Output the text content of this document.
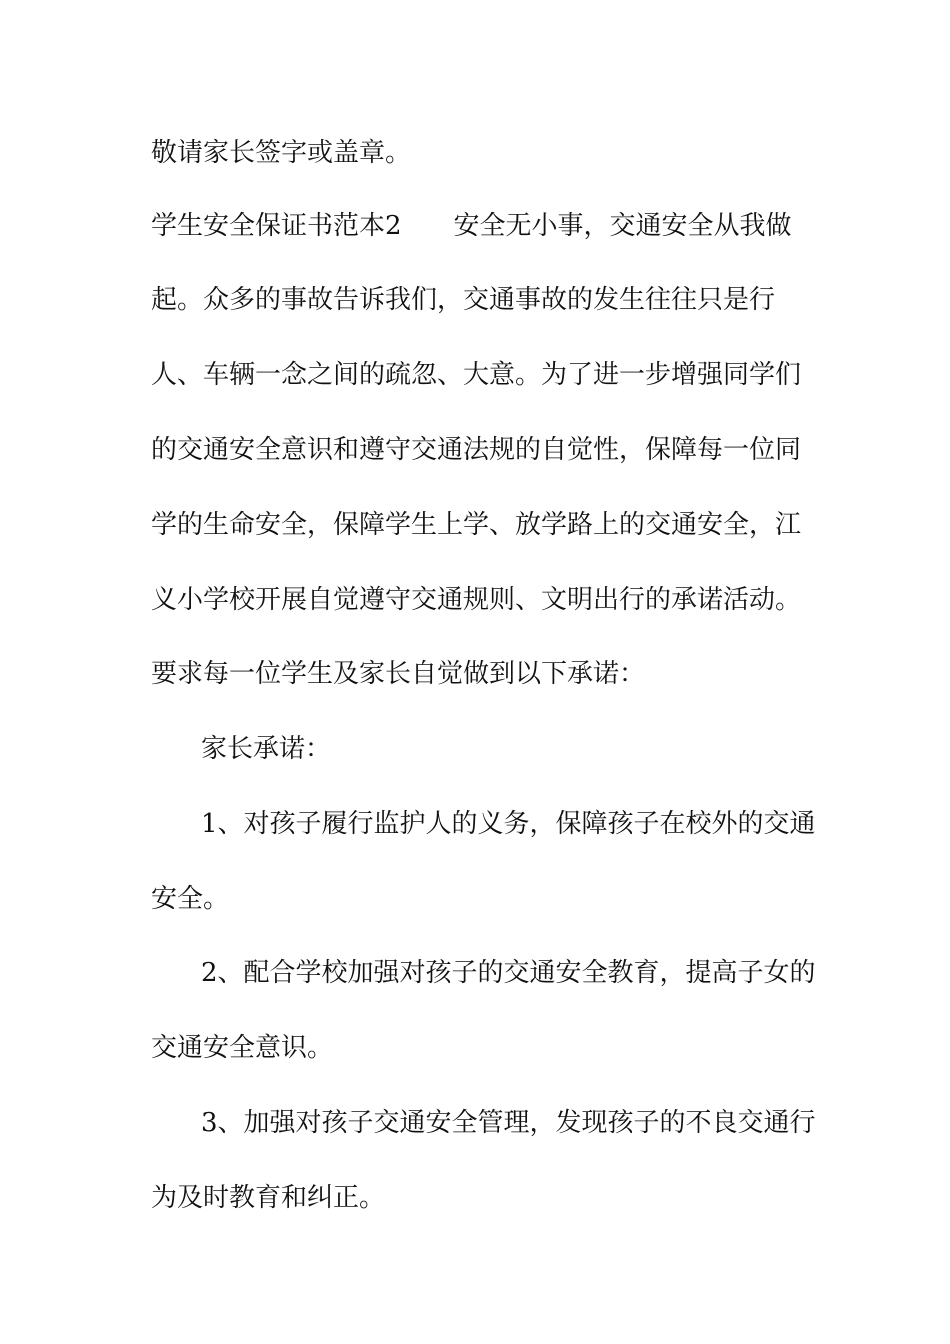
敬请家长签字或盖章。
学生安全保证书范本2　　安全无小事，交通安全从我做
起。众多的事故告诉我们，交通事故的发生往往只是行
人、车辆一念之间的疏忽、大意。为了进一步增强同学们
的交通安全意识和遵守交通法规的自觉性，保障每一位同
学的生命安全，保障学生上学、放学路上的交通安全，江
义小学校开展自觉遵守交通规则、文明出行的承诺活动。
要求每一位学生及家长自觉做到以下承诺：
家长承诺：
1、对孩子履行监护人的义务，保障孩子在校外的交通
安全。
2、配合学校加强对孩子的交通安全教育，提高子女的
交通安全意识。
3、加强对孩子交通安全管理，发现孩子的不良交通行
为及时教育和纠正。
